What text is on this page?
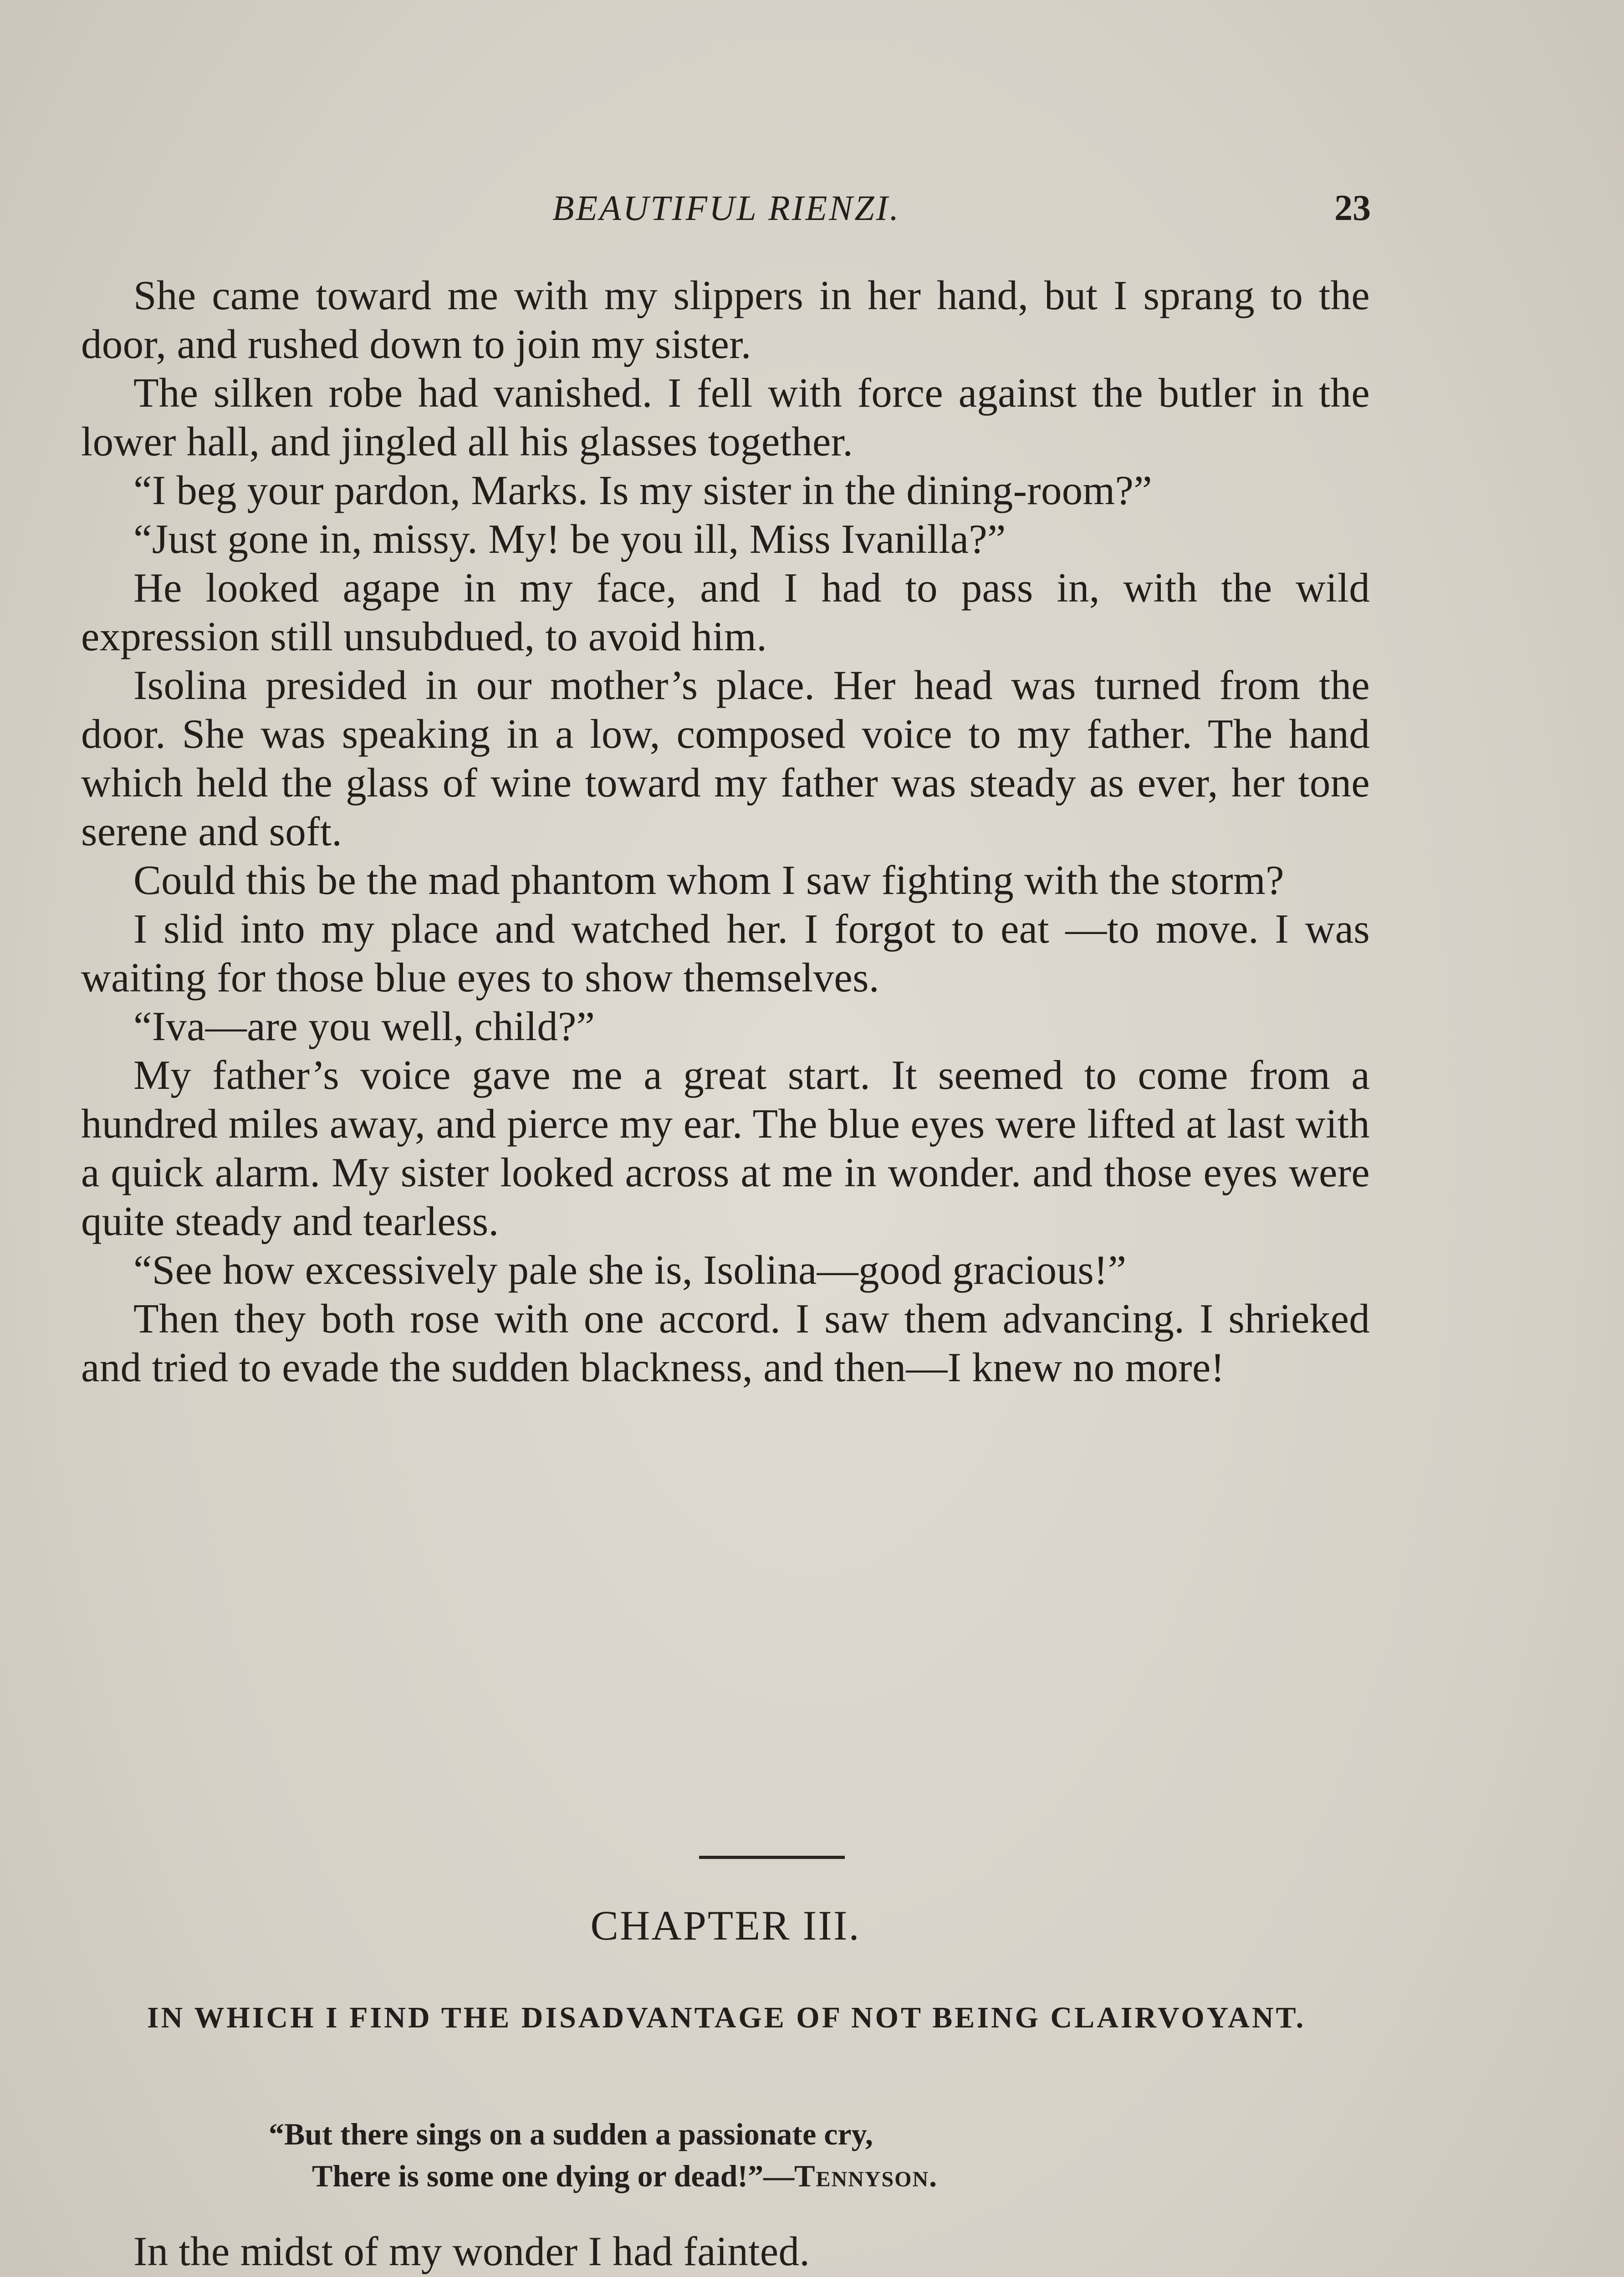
BEAUTIFUL RIENZI.	23

She came toward me with my slippers in her hand, but I sprang to the door, and rushed down to join my sister.

The silken robe had vanished. I fell with force against the butler in the lower hall, and jingled all his glasses together.

“I beg your pardon, Marks. Is my sister in the dining-room?”

“Just gone in, missy. My! be you ill, Miss Ivanilla?”

He looked agape in my face, and I had to pass in, with the wild expression still unsubdued, to avoid him.

Isolina presided in our mother’s place. Her head was turned from the door. She was speaking in a low, composed voice to my father. The hand which held the glass of wine toward my father was steady as ever, her tone serene and soft.

Could this be the mad phantom whom I saw fighting with the storm?

I slid into my place and watched her. I forgot to eat —to move. I was waiting for those blue eyes to show themselves.

“Iva—are you well, child?”

My father’s voice gave me a great start. It seemed to come from a hundred miles away, and pierce my ear. The blue eyes were lifted at last with a quick alarm. My sister looked across at me in wonder. and those eyes were quite steady and tearless.

“See how excessively pale she is, Isolina—good gracious!”

Then they both rose with one accord. I saw them advancing. I shrieked and tried to evade the sudden blackness, and then—I knew no more!

CHAPTER III.
IN WHICH I FIND THE DISADVANTAGE OF NOT BEING CLAIRVOYANT.
“But there sings on a sudden a passionate cry,
There is some one dying or dead!”—Tennyson.

In the midst of my wonder I had fainted.
